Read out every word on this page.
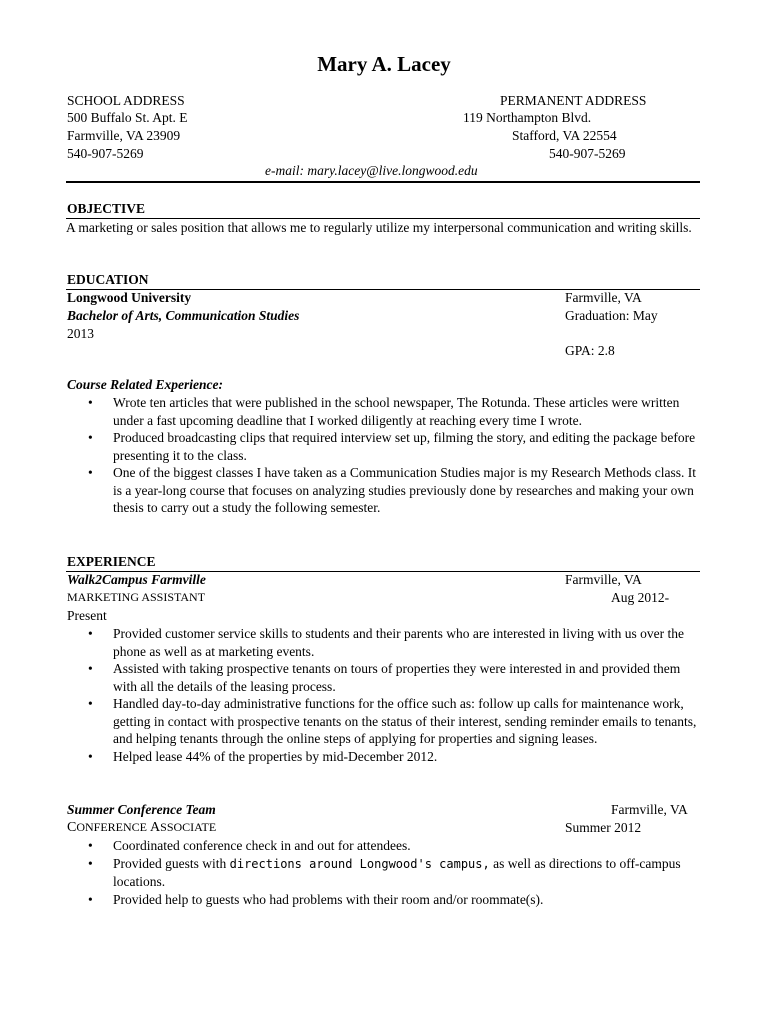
Mary A. Lacey
SCHOOL ADDRESS
500 Buffalo St. Apt. E
Farmville, VA 23909
540-907-5269
PERMANENT ADDRESS
119 Northampton Blvd.
Stafford, VA 22554
540-907-5269
e-mail: mary.lacey@live.longwood.edu
OBJECTIVE
A marketing or sales position that allows me to regularly utilize my interpersonal communication and writing skills.
EDUCATION
Longwood University	Farmville, VA
Bachelor of Arts, Communication Studies	Graduation: May
2013
GPA: 2.8
Course Related Experience:
• Wrote ten articles that were published in the school newspaper, The Rotunda. These articles were written under a fast upcoming deadline that I worked diligently at reaching every time I wrote.
• Produced broadcasting clips that required interview set up, filming the story, and editing the package before presenting it to the class.
• One of the biggest classes I have taken as a Communication Studies major is my Research Methods class. It is a year-long course that focuses on analyzing studies previously done by researches and making your own thesis to carry out a study the following semester.
EXPERIENCE
Walk2Campus Farmville	Farmville, VA
MARKETING ASSISTANT	Aug 2012-
Present
• Provided customer service skills to students and their parents who are interested in living with us over the phone as well as at marketing events.
• Assisted with taking prospective tenants on tours of properties they were interested in and provided them with all the details of the leasing process.
• Handled day-to-day administrative functions for the office such as: follow up calls for maintenance work, getting in contact with prospective tenants on the status of their interest, sending reminder emails to tenants, and helping tenants through the online steps of applying for properties and signing leases.
• Helped lease 44% of the properties by mid-December 2012.
Summer Conference Team	Farmville, VA
CONFERENCE ASSOCIATE	Summer 2012
• Coordinated conference check in and out for attendees.
• Provided guests with directions around Longwood's campus, as well as directions to off-campus locations.
• Provided help to guests who had problems with their room and/or roommate(s).
